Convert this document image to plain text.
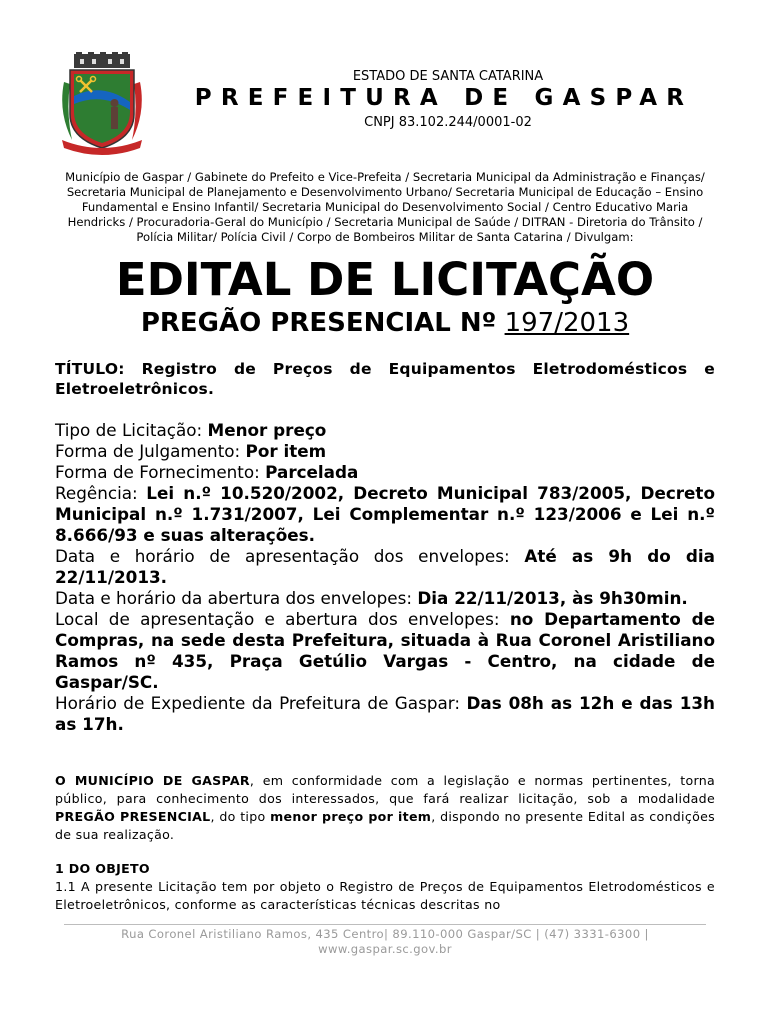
ESTADO DE SANTA CATARINA
PREFEITURA DE GASPAR
CNPJ 83.102.244/0001-02
Município de Gaspar / Gabinete do Prefeito e Vice-Prefeita / Secretaria Municipal da Administração e Finanças/ Secretaria Municipal de Planejamento e Desenvolvimento Urbano/ Secretaria Municipal de Educação – Ensino Fundamental e Ensino Infantil/ Secretaria Municipal do Desenvolvimento Social / Centro Educativo Maria Hendricks / Procuradoria-Geral do Município / Secretaria Municipal de Saúde / DITRAN - Diretoria do Trânsito / Polícia Militar/ Polícia Civil / Corpo de Bombeiros Militar de Santa Catarina / Divulgam:
EDITAL DE LICITAÇÃO
PREGÃO PRESENCIAL Nº 197/2013
TÍTULO: Registro de Preços de Equipamentos Eletrodomésticos e Eletroeletrônicos.

Tipo de Licitação: Menor preço

Forma de Julgamento: Por item

Forma de Fornecimento: Parcelada

Regência: Lei n.º 10.520/2002, Decreto Municipal 783/2005, Decreto Municipal n.º 1.731/2007, Lei Complementar n.º 123/2006 e Lei n.º 8.666/93 e suas alterações.

Data e horário de apresentação dos envelopes: Até as 9h do dia 22/11/2013.

Data e horário da abertura dos envelopes: Dia 22/11/2013, às 9h30min.

Local de apresentação e abertura dos envelopes: no Departamento de Compras, na sede desta Prefeitura, situada à Rua Coronel Aristiliano Ramos nº 435, Praça Getúlio Vargas - Centro, na cidade de Gaspar/SC.

Horário de Expediente da Prefeitura de Gaspar: Das 08h as 12h e das 13h as 17h.

O MUNICÍPIO DE GASPAR, em conformidade com a legislação e normas pertinentes, torna público, para conhecimento dos interessados, que fará realizar licitação, sob a modalidade PREGÃO PRESENCIAL, do tipo menor preço por item, dispondo no presente Edital as condições de sua realização.

1 DO OBJETO

1.1 A presente Licitação tem por objeto o Registro de Preços de Equipamentos Eletrodomésticos e Eletroeletrônicos, conforme as características técnicas descritas no

Rua Coronel Aristiliano Ramos, 435 Centro| 89.110-000 Gaspar/SC | (47) 3331-6300 |
www.gaspar.sc.gov.br
